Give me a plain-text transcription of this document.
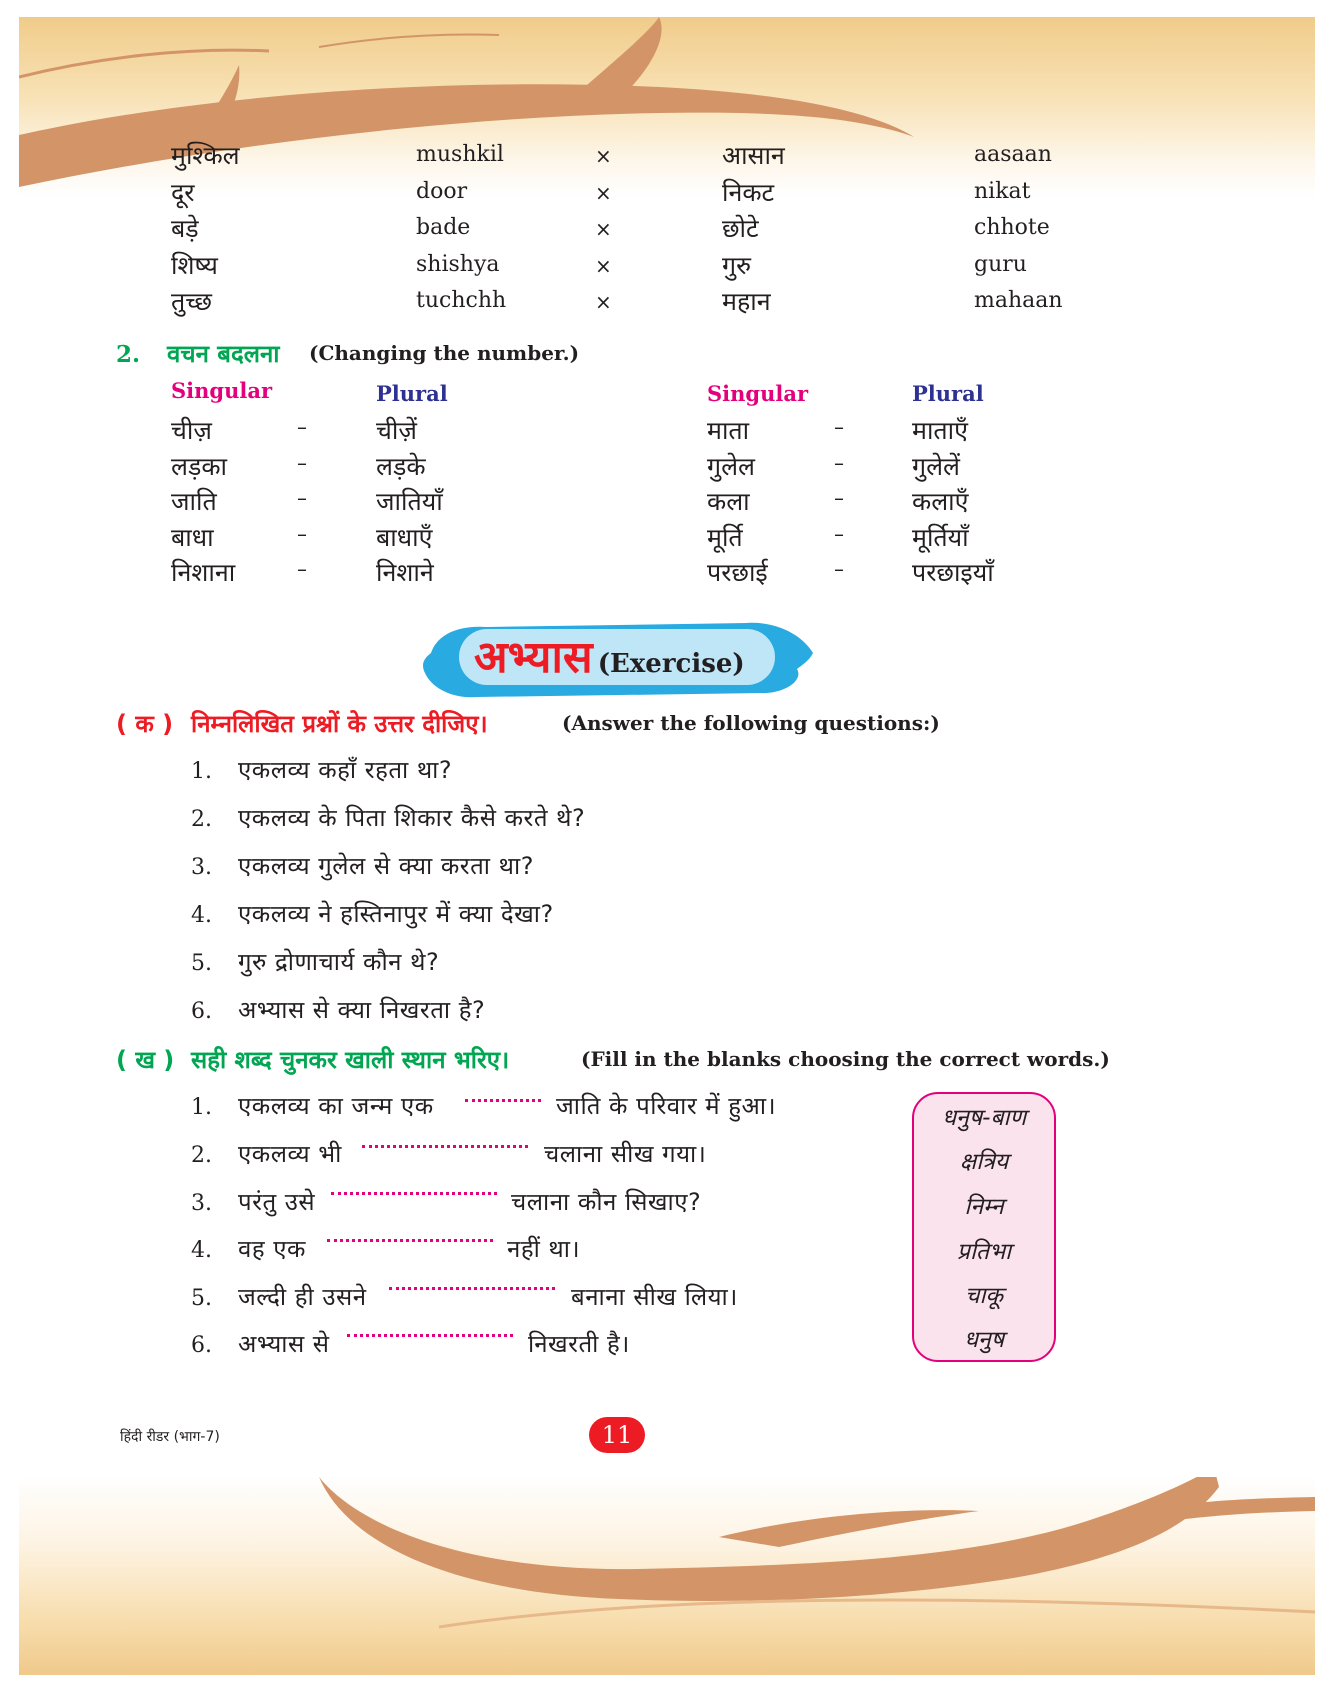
मुश्किल	mushkil	×	आसान	aasaan
दूर	door	×	निकट	nikat
बड़े	bade	×	छोटे	chhote
शिष्य	shishya	×	गुरु	guru
तुच्छ	tuchchh	×	महान	mahaan
2. वचन बदलना (Changing the number.)
Singular	Plural	Singular	Plural
चीज़	–	चीज़ें	माता	–	माताएँ
लड़का	–	लड़के	गुलेल	–	गुलेलें
जाति	–	जातियाँ	कला	–	कलाएँ
बाधा	–	बाधाएँ	मूर्ति	–	मूर्तियाँ
निशाना	–	निशाने	परछाई	–	परछाइयाँ
अभ्यास (Exercise)
( क ) निम्नलिखित प्रश्नों के उत्तर दीजिए।	(Answer the following questions:)
1. एकलव्य कहाँ रहता था?
2. एकलव्य के पिता शिकार कैसे करते थे?
3. एकलव्य गुलेल से क्या करता था?
4. एकलव्य ने हस्तिनापुर में क्या देखा?
5. गुरु द्रोणाचार्य कौन थे?
6. अभ्यास से क्या निखरता है?
( ख ) सही शब्द चुनकर खाली स्थान भरिए।	(Fill in the blanks choosing the correct words.)
1. एकलव्य का जन्म एक	जाति के परिवार में हुआ।
2. एकलव्य भी	चलाना सीख गया।
3. परंतु उसे	चलाना कौन सिखाए?
4. वह एक	नहीं था।
5. जल्दी ही उसने	बनाना सीख लिया।
6. अभ्यास से	निखरती है।
धनुष-बाण
क्षत्रिय
निम्न
प्रतिभा
चाकू
धनुष
हिंदी रीडर (भाग-7)	11
